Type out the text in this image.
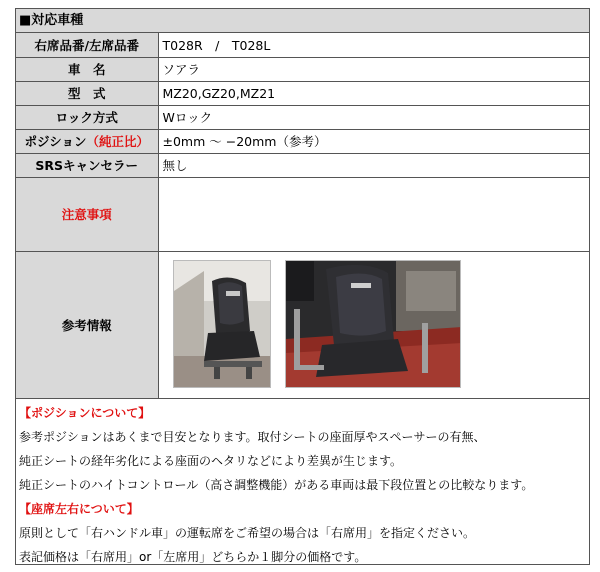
■対応車種
右席品番/左席品番	T028R　/　T028L
車　名	ソアラ
型　式	MZ20,GZ20,MZ21
ロック方式	Wロック
ポジション（純正比）	±0mm 〜 −20mm（参考）
SRSキャンセラー	無し
注意事項	
参考情報	
【ポジションについて】
参考ポジションはあくまで目安となります。取付シートの座面厚やスペーサーの有無、
純正シートの経年劣化による座面のヘタリなどにより差異が生じます。
純正シートのハイトコントロール（高さ調整機能）がある車両は最下段位置との比較なります。
【座席左右について】
原則として「右ハンドル車」の運転席をご希望の場合は「右席用」を指定ください。
表記価格は「右席用」or「左席用」どちらか１脚分の価格です。
